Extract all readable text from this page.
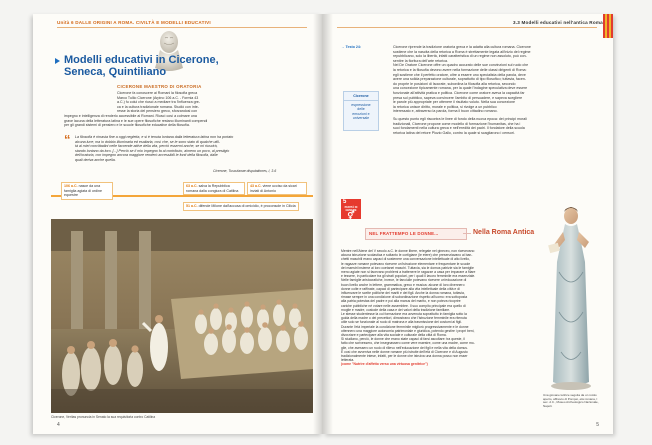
Unità 6 DALLE ORIGINI A ROMA. CIVILTÀ E MODELLI EDUCATIVI
Modelli educativi in Cicerone,
Seneca, Quintiliano
CICERONE MAESTRO DI ORATORIA
Cicerone fa conoscere ai Romani la filosofia greca
Marco Tullio Cicerone (Arpino 106 a.C. - Formia 43
a.C.) fu colui che riuscì a mediare tra l'influenza gre-
ca e la cultura tradizionale romana. Studiò con inte-
resse la storia del pensiero greco, sforzandosi con
impegno e intelligenza di renderlo accessibile ai Romani. Riuscì così a colmare una
grave lacuna della letteratura latina e le sue opere filosofiche restano illuminanti compendi
per gli grandi sistemi di pensiero e le scuole filosofiche educative della filosofia.
“ La filosofia è rimasta fine a oggi negletta, e si è tenuta lontana dalla letteratura latina non ha portato
alcuna luce; ma io dobbio illuminarla ed esaltarla, così che, se le sono stato di qualche utili-
tà ai miei concittadini nelle faccende attive della vita, perciò essermi anche, se mi riuscirà,
stando lontano da loro. [...] Perciò se il mio impegno fa al contributo, almeno un poco, al prestigio
dell'oratoria, con impegno ancora maggiore renderò accessibili le fonti della filosofia, dalle
quali deriva anche quella.
Cicerone, Tusculanae disputationes, I, 3-6
106 a.C. nasce da una famiglia agiata di ordine equestre
63 a.C. salva la Repubblica romana dalla congiura di Catilina
43 a.C. viene ucciso da sicari inviati di Antonio
51 a.C. difende Milone dall'accusa di omicidio, è proconsole in Cilicia
Cicerone, Veritas pronuncia in Senato la sua requisitoria contro Catilina
4
3.3 Modelli educativi nell'antica Roma
→ Testo 24:
Cicerone
espressione
delle
emozioni e
universale
Cicerone riprende la tradizione oratoria greca e la adatta alla cultura romana. Cicerone
sostiene che la nascita della retorica a Roma è strettamente legata all'inizio del regime
repubblicano, solo la libertà, infatti caratteristica di un regime non assoluto, può con-
sentire la fioritura dell'arte retorica.
Nel De Oratore Cicerone offre un quadro accurato delle sue convinzioni sul ruolo che
la retorica e la filosofia devono avere nella formazione delle classi dirigenti di Roma:
egli sostiene che il perfetto oratore, oltre a essere uno specialista della parola, deve
avere una solida preparazione culturale, soprattutto di tipo filosofico; tuttavia, facen-
do proprie le posizioni di Isocrate, subordina la filosofia alla retorica, secondo
una concezione tipicamente romana, per la quale l'indagine speculativa deve essere
funzionale all'attività pratica e politica. Cicerone come oratore aveva la capacità far
presa sul pubblico, sapeva convincere l'ambito di persuadere, e sapeva scegliere
le parole più appropriate per ottenere il risultato voluto. Nella sua concezione
la retorica unisce diritto, morale e politica, si rivolge a un pubblico
interessato e, attraverso la parola, forma il buon cittadino romano.
Su questo punto egli riscontra le linee di fondo della nuova epoca: dei principi morali
tradizionali, Cicerone propone come modello di formazione l'humanitas, che ha i
suoi fondamenti nella cultura greca e nell'eredità dei padri. Il fondatore della scuola
retorica latina del retore Plozio Gallo, contro la quale si scagliarono i censori.
5
PARITÀ DI GENERE
⚥
NEL FRATTEMPO LE DONNE...	Nella Roma Antica
Mentre nell'Atene del V secolo a.C. le donne libere, relegate nel gineceo, non ricevevano
alcuna istruzione scolastica e soltanto le cortigiane (le etere) che presenziavano ai ban-
chetti maschili erano capaci di sostenere una conversazione intellettuale di alto livello,
le ragazze romane potevano ricevere un'istruzione elementare e frequentare le scuole
dei maestri insieme ai loro coetanei maschi. Tuttavia, sia le domus patrizie sia le famiglie
meno agiate non si facevano problemi a trattenere le ragazze a casa per imparare a filare
e tessere, in particolare tra gli strati popolari, per i quali il lavoro femminile era essenziale.
Nelle famiglie aristocratiche, invece, le fanciulle potevano ricevere un'educazione di
buon livello anche in lettere, grammatica, greco e musica: alcune di loro divennero
donne colte e raffinate, capaci di partecipare alla vita intellettuale della città e di
influenzare le scelte politiche dei mariti e dei figli. Anche la donna romana, tuttavia,
rimase sempre in una condizione di subordinazione rispetto all'uomo: era sottoposta
alla patria potestas del padre e poi alla manus del marito, e non poteva ricoprire
cariche pubbliche né votare nelle assemblee. Il suo compito principale era quello di
moglie e madre, custode della casa e dei valori della tradizione familiare.
Le stesse studentesse la cui formazione era avvenuta soprattutto in famiglia sotto la
guida della madre o dei precettori, dimostrano che l'istruzione femminile era ritenuta
utile solo se funzionale al ruolo di matrona e alla trasmissione dei costumi ai figli.
Durante l'età imperiale la condizione femminile migliorò progressivamente e le donne
ottennero una maggiore autonomia patrimoniale e giuridica, potendo gestire i propri beni,
divorziare e partecipare alla vita sociale e culturale della città di Roma.
Si studiano, perciò, le donne che erano state capaci di farsi ascoltare: tra queste, il
fatto che scrivessero, che insegnassero come vere maestre, come una madre, come mo-
glie, che avessero un ruolo di rilievo nell'educazione dei figli e nella vita della domus.
E così che avveniva nelle donne romane più istruite dell'età di Cicerone e di Augusto
tradizionalmente intese, infatti, per le donne che istruiva una donna posso non esser
letterata.
(come "Nutrire d'affetto verso una virtuosa genitrice")
Una giovane lettrice seguita da un rotolo aperto, affresco di Pompei, età romana, I sec. d.C., Museo Archeologico Nazionale, Napoli.
5
